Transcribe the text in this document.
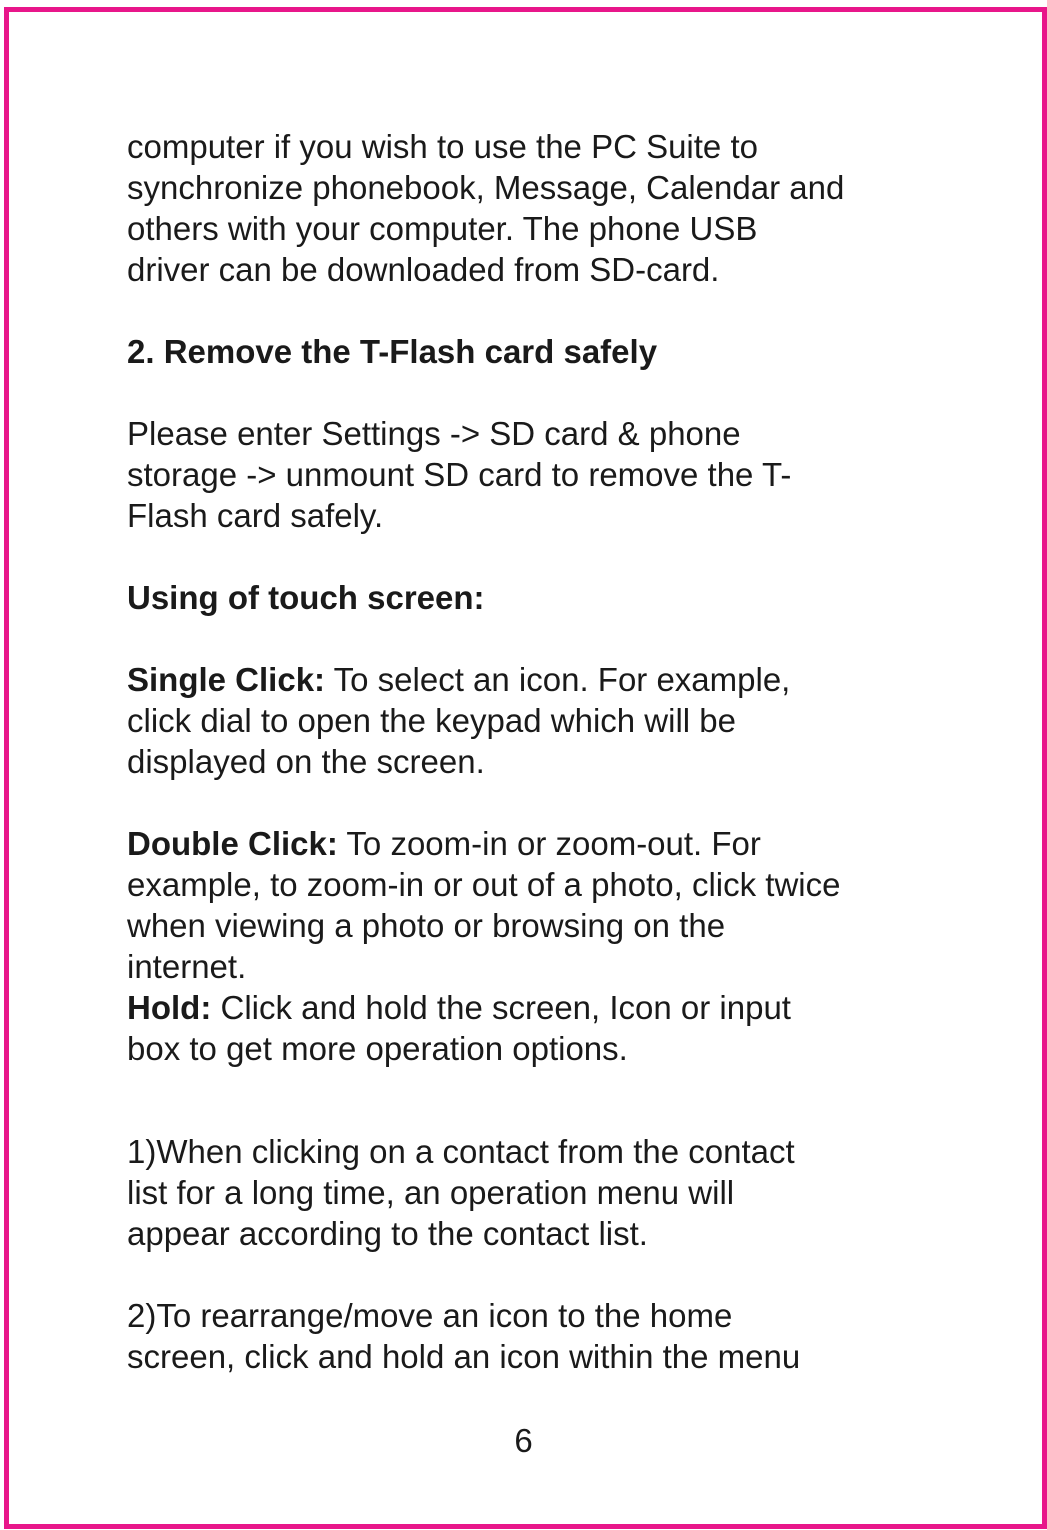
computer if you wish to use the PC Suite to

synchronize phonebook, Message, Calendar and

others with your computer. The phone USB

driver can be downloaded from SD-card.

2. Remove the T-Flash card safely

Please enter Settings -> SD card & phone

storage -> unmount SD card to remove the T-

Flash card safely.

Using of touch screen:

Single Click: To select an icon. For example,

click dial to open the keypad which will be

displayed on the screen.

Double Click: To zoom-in or zoom-out. For

example, to zoom-in or out of a photo, click twice

when viewing a photo or browsing on the

internet.

Hold: Click and hold the screen, Icon or input

box to get more operation options.

1)When clicking on a contact from the contact

list for a long time, an operation menu will

appear according to the contact list.

2)To rearrange/move an icon to the home

screen, click and hold an icon within the menu

6
